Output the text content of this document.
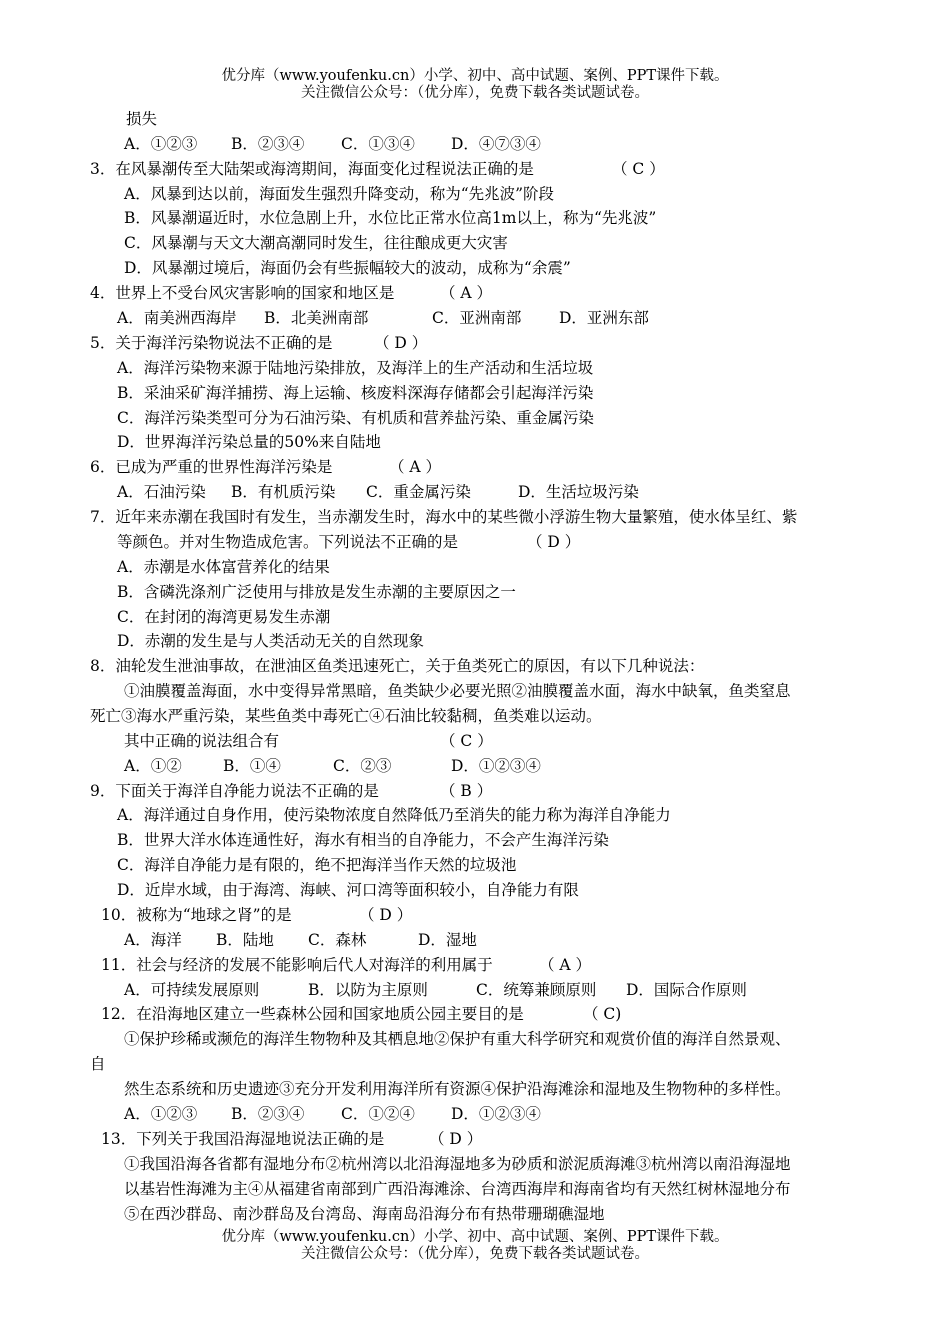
优分库（www.youfenku.cn）小学、初中、高中试题、案例、PPT课件下载。
关注微信公众号：（优分库），免费下载各类试题试卷。
损失
A．①②③ B．②③④ C．①③④ D．④⑦③④
3．在风暴潮传至大陆架或海湾期间，海面变化过程说法正确的是	（ C ）
A．风暴到达以前，海面发生强烈升降变动，称为“先兆波”阶段
B．风暴潮逼近时，水位急剧上升，水位比正常水位高1m以上，称为“先兆波”
C．风暴潮与天文大潮高潮同时发生，往往酿成更大灾害
D．风暴潮过境后，海面仍会有些振幅较大的波动，成称为“余震”
4．世界上不受台风灾害影响的国家和地区是	（ A ）
A．南美洲西海岸 B．北美洲南部	C．亚洲南部 D．亚洲东部
5．关于海洋污染物说法不正确的是	（ D ）
A．海洋污染物来源于陆地污染排放，及海洋上的生产活动和生活垃圾
B．采油采矿海洋捕捞、海上运输、核废料深海存储都会引起海洋污染
C．海洋污染类型可分为石油污染、有机质和营养盐污染、重金属污染
D．世界海洋污染总量的50%来自陆地
6．已成为严重的世界性海洋污染是	（ A ）
A．石油污染 B．有机质污染 C．重金属污染	D．生活垃圾污染
7．近年来赤潮在我国时有发生，当赤潮发生时，海水中的某些微小浮游生物大量繁殖，使水体呈红、紫
等颜色。并对生物造成危害。下列说法不正确的是	（ D ）
A．赤潮是水体富营养化的结果
B．含磷洗涤剂广泛使用与排放是发生赤潮的主要原因之一
C．在封闭的海湾更易发生赤潮
D．赤潮的发生是与人类活动无关的自然现象
8．油轮发生泄油事故，在泄油区鱼类迅速死亡，关于鱼类死亡的原因，有以下几种说法：
①油膜覆盖海面，水中变得异常黑暗，鱼类缺少必要光照②油膜覆盖水面，海水中缺氧，鱼类窒息
死亡③海水严重污染，某些鱼类中毒死亡④石油比较黏稠，鱼类难以运动。
其中正确的说法组合有	（ C ）
A．①②	B．①④	C．②③	D．①②③④
9．下面关于海洋自净能力说法不正确的是	（ B ）
A．海洋通过自身作用，使污染物浓度自然降低乃至消失的能力称为海洋自净能力
B．世界大洋水体连通性好，海水有相当的自净能力，不会产生海洋污染
C．海洋自净能力是有限的，绝不把海洋当作天然的垃圾池
D．近岸水域，由于海湾、海峡、河口湾等面积较小，自净能力有限
10．被称为“地球之肾”的是	（ D ）
A．海洋 B．陆地 C．森林	D．湿地
11．社会与经济的发展不能影响后代人对海洋的利用属于	（ A ）
A．可持续发展原则	B．以防为主原则	C．统筹兼顾原则 D．国际合作原则
12．在沿海地区建立一些森林公园和国家地质公园主要目的是	（ C)
①保护珍稀或濒危的海洋生物物种及其栖息地②保护有重大科学研究和观赏价值的海洋自然景观、
自
然生态系统和历史遗迹③充分开发利用海洋所有资源④保护沿海滩涂和湿地及生物物种的多样性。
A．①②③ B．②③④ C．①②④ D．①②③④
13．下列关于我国沿海湿地说法正确的是	（ D ）
①我国沿海各省都有湿地分布②杭州湾以北沿海湿地多为砂质和淤泥质海滩③杭州湾以南沿海湿地
以基岩性海滩为主④从福建省南部到广西沿海滩涂、台湾西海岸和海南省均有天然红树林湿地分布
⑤在西沙群岛、南沙群岛及台湾岛、海南岛沿海分布有热带珊瑚礁湿地
优分库（www.youfenku.cn）小学、初中、高中试题、案例、PPT课件下载。
关注微信公众号：（优分库），免费下载各类试题试卷。
